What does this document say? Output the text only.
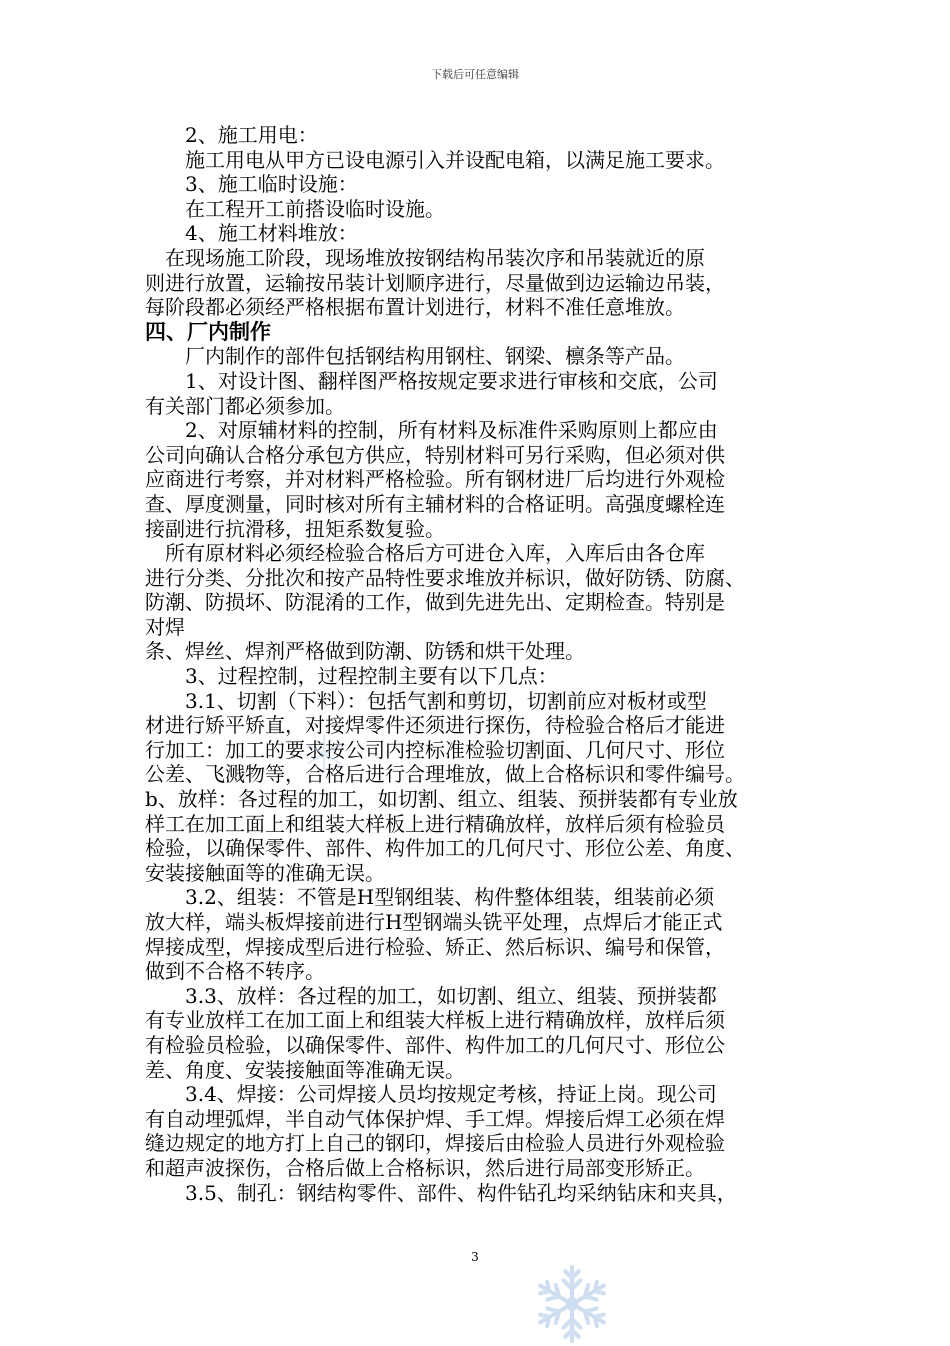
下载后可任意编辑
　　2、施工用电：
　　施工用电从甲方已设电源引入并设配电箱，以满足施工要求。
　　3、施工临时设施：
　　在工程开工前搭设临时设施。
　　4、施工材料堆放：
　在现场施工阶段，现场堆放按钢结构吊装次序和吊装就近的原
则进行放置，运输按吊装计划顺序进行，尽量做到边运输边吊装，
每阶段都必须经严格根据布置计划进行，材料不准任意堆放。
四、厂内制作
　　厂内制作的部件包括钢结构用钢柱、钢梁、檩条等产品。
　　1、对设计图、翻样图严格按规定要求进行审核和交底，公司
有关部门都必须参加。
　　2、对原辅材料的控制，所有材料及标准件采购原则上都应由
公司向确认合格分承包方供应，特别材料可另行采购，但必须对供
应商进行考察，并对材料严格检验。所有钢材进厂后均进行外观检
查、厚度测量，同时核对所有主辅材料的合格证明。高强度螺栓连
接副进行抗滑移，扭矩系数复验。
　所有原材料必须经检验合格后方可进仓入库，入库后由各仓库
进行分类、分批次和按产品特性要求堆放并标识，做好防锈、防腐、
防潮、防损坏、防混淆的工作，做到先进先出、定期检查。特别是
对焊
条、焊丝、焊剂严格做到防潮、防锈和烘干处理。
　　3、过程控制，过程控制主要有以下几点：
　　3.1、切割（下料）：包括气割和剪切，切割前应对板材或型
材进行矫平矫直，对接焊零件还须进行探伤，待检验合格后才能进
行加工：加工的要求按公司内控标准检验切割面、几何尺寸、形位
公差、飞溅物等，合格后进行合理堆放，做上合格标识和零件编号。
b、放样：各过程的加工，如切割、组立、组装、预拼装都有专业放
样工在加工面上和组装大样板上进行精确放样，放样后须有检验员
检验，以确保零件、部件、构件加工的几何尺寸、形位公差、角度、
安装接触面等的准确无误。
　　3.2、组装：不管是H型钢组装、构件整体组装，组装前必须
放大样，端头板焊接前进行H型钢端头铣平处理，点焊后才能正式
焊接成型，焊接成型后进行检验、矫正、然后标识、编号和保管，
做到不合格不转序。
　　3.3、放样：各过程的加工，如切割、组立、组装、预拼装都
有专业放样工在加工面上和组装大样板上进行精确放样，放样后须
有检验员检验，以确保零件、部件、构件加工的几何尺寸、形位公
差、角度、安装接触面等准确无误。
　　3.4、焊接：公司焊接人员均按规定考核，持证上岗。现公司
有自动埋弧焊，半自动气体保护焊、手工焊。焊接后焊工必须在焊
缝边规定的地方打上自己的钢印，焊接后由检验人员进行外观检验
和超声波探伤，合格后做上合格标识，然后进行局部变形矫正。
　　3.5、制孔：钢结构零件、部件、构件钻孔均采纳钻床和夹具，
3
